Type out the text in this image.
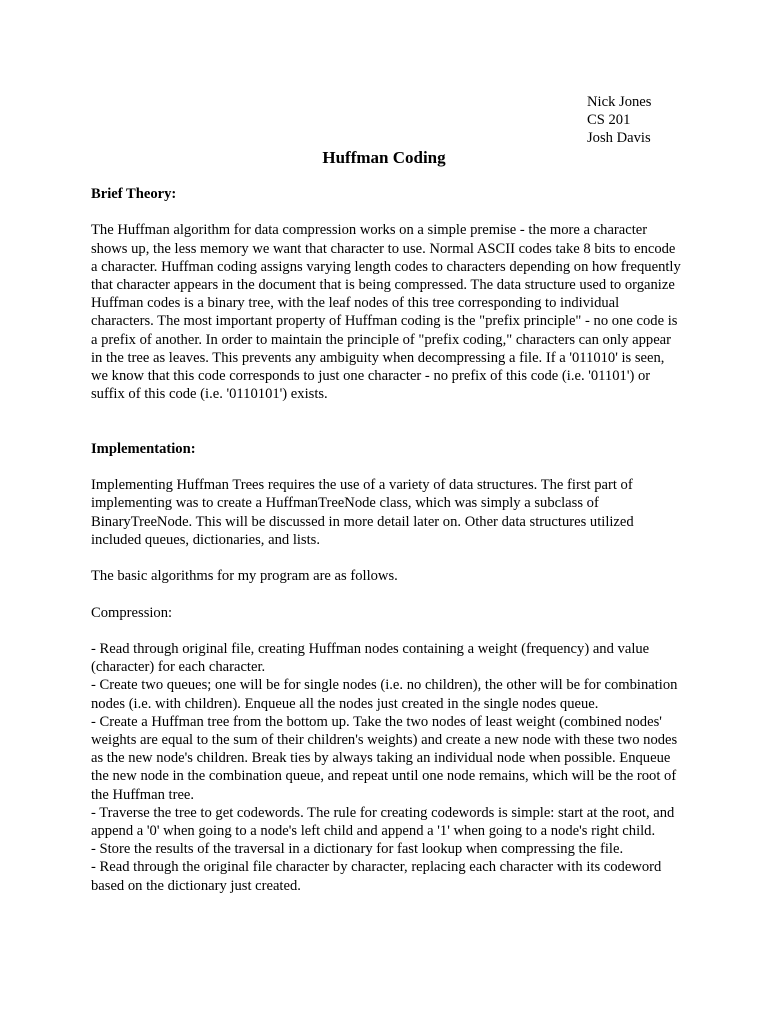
Nick Jones
CS 201
Josh Davis
Huffman Coding

Brief Theory:

The Huffman algorithm for data compression works on a simple premise - the more a character shows up, the less memory we want that character to use. Normal ASCII codes take 8 bits to encode a character. Huffman coding assigns varying length codes to characters depending on how frequently that character appears in the document that is being compressed. The data structure used to organize Huffman codes is a binary tree, with the leaf nodes of this tree corresponding to individual characters. The most important property of Huffman coding is the "prefix principle" - no one code is a prefix of another. In order to maintain the principle of "prefix coding," characters can only appear in the tree as leaves. This prevents any ambiguity when decompressing a file. If a '011010' is seen, we know that this code corresponds to just one character - no prefix of this code (i.e. '01101') or suffix of this code (i.e. '0110101') exists.

Implementation:

Implementing Huffman Trees requires the use of a variety of data structures. The first part of implementing was to create a HuffmanTreeNode class, which was simply a subclass of BinaryTreeNode. This will be discussed in more detail later on. Other data structures utilized included queues, dictionaries, and lists.

The basic algorithms for my program are as follows.

Compression:

- Read through original file, creating Huffman nodes containing a weight (frequency) and value (character) for each character.

- Create two queues; one will be for single nodes (i.e. no children), the other will be for combination nodes (i.e. with children). Enqueue all the nodes just created in the single nodes queue.

- Create a Huffman tree from the bottom up. Take the two nodes of least weight (combined nodes' weights are equal to the sum of their children's weights) and create a new node with these two nodes as the new node's children. Break ties by always taking an individual node when possible. Enqueue the new node in the combination queue, and repeat until one node remains, which will be the root of the Huffman tree.

- Traverse the tree to get codewords. The rule for creating codewords is simple: start at the root, and append a '0' when going to a node's left child and append a '1' when going to a node's right child.

- Store the results of the traversal in a dictionary for fast lookup when compressing the file.

- Read through the original file character by character, replacing each character with its codeword based on the dictionary just created.
